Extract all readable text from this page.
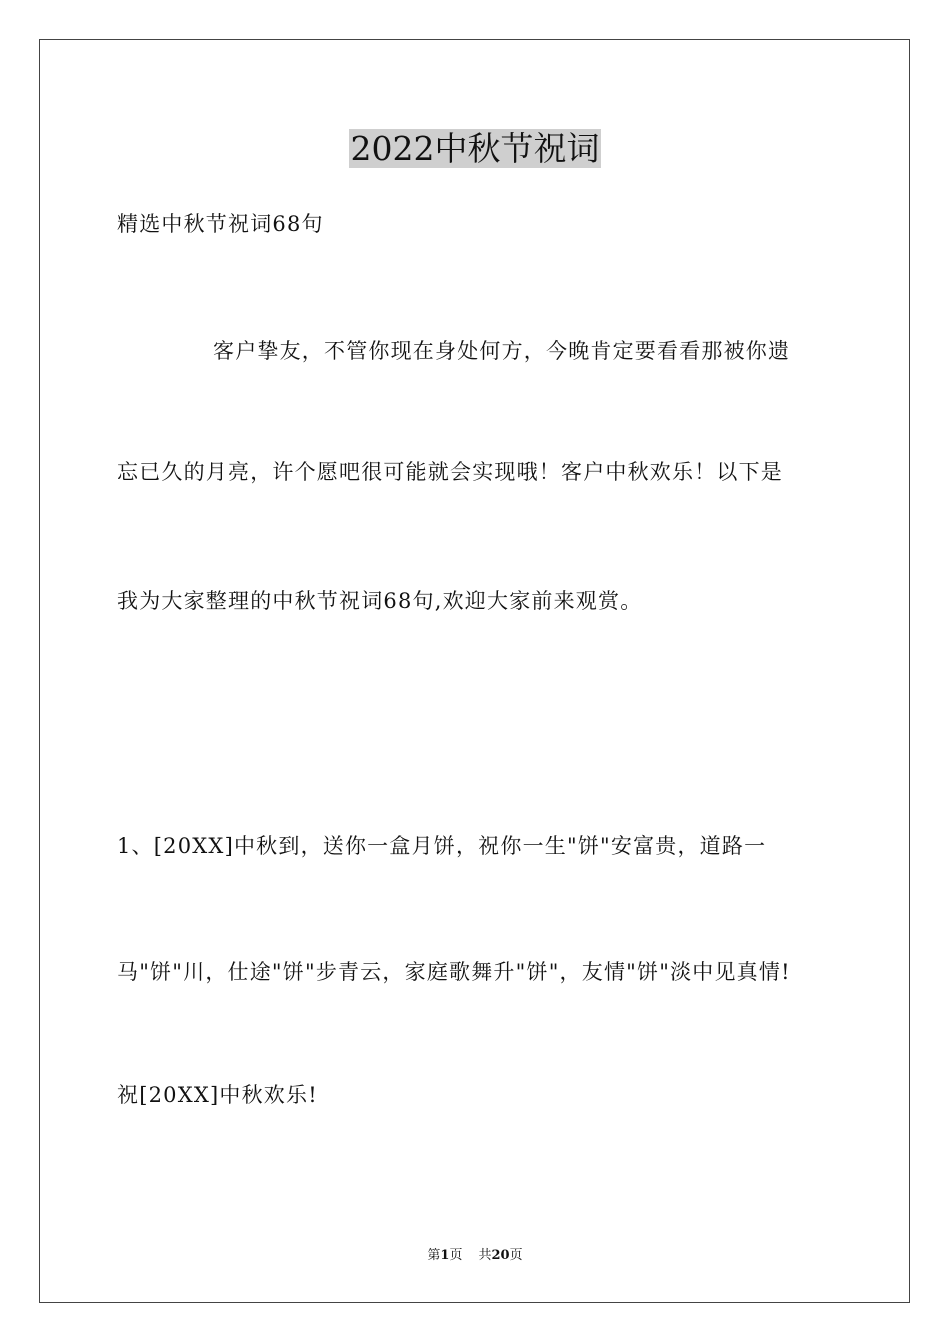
2022中秋节祝词
精选中秋节祝词68句
客户挚友，不管你现在身处何方，今晚肯定要看看那被你遗
忘已久的月亮，许个愿吧很可能就会实现哦！客户中秋欢乐！以下是
我为大家整理的中秋节祝词68句,欢迎大家前来观赏。
1、[20XX]中秋到，送你一盒月饼，祝你一生"饼"安富贵，道路一
马"饼"川，仕途"饼"步青云，家庭歌舞升"饼"，友情"饼"淡中见真情!
祝[20XX]中秋欢乐!
第1页 共20页
